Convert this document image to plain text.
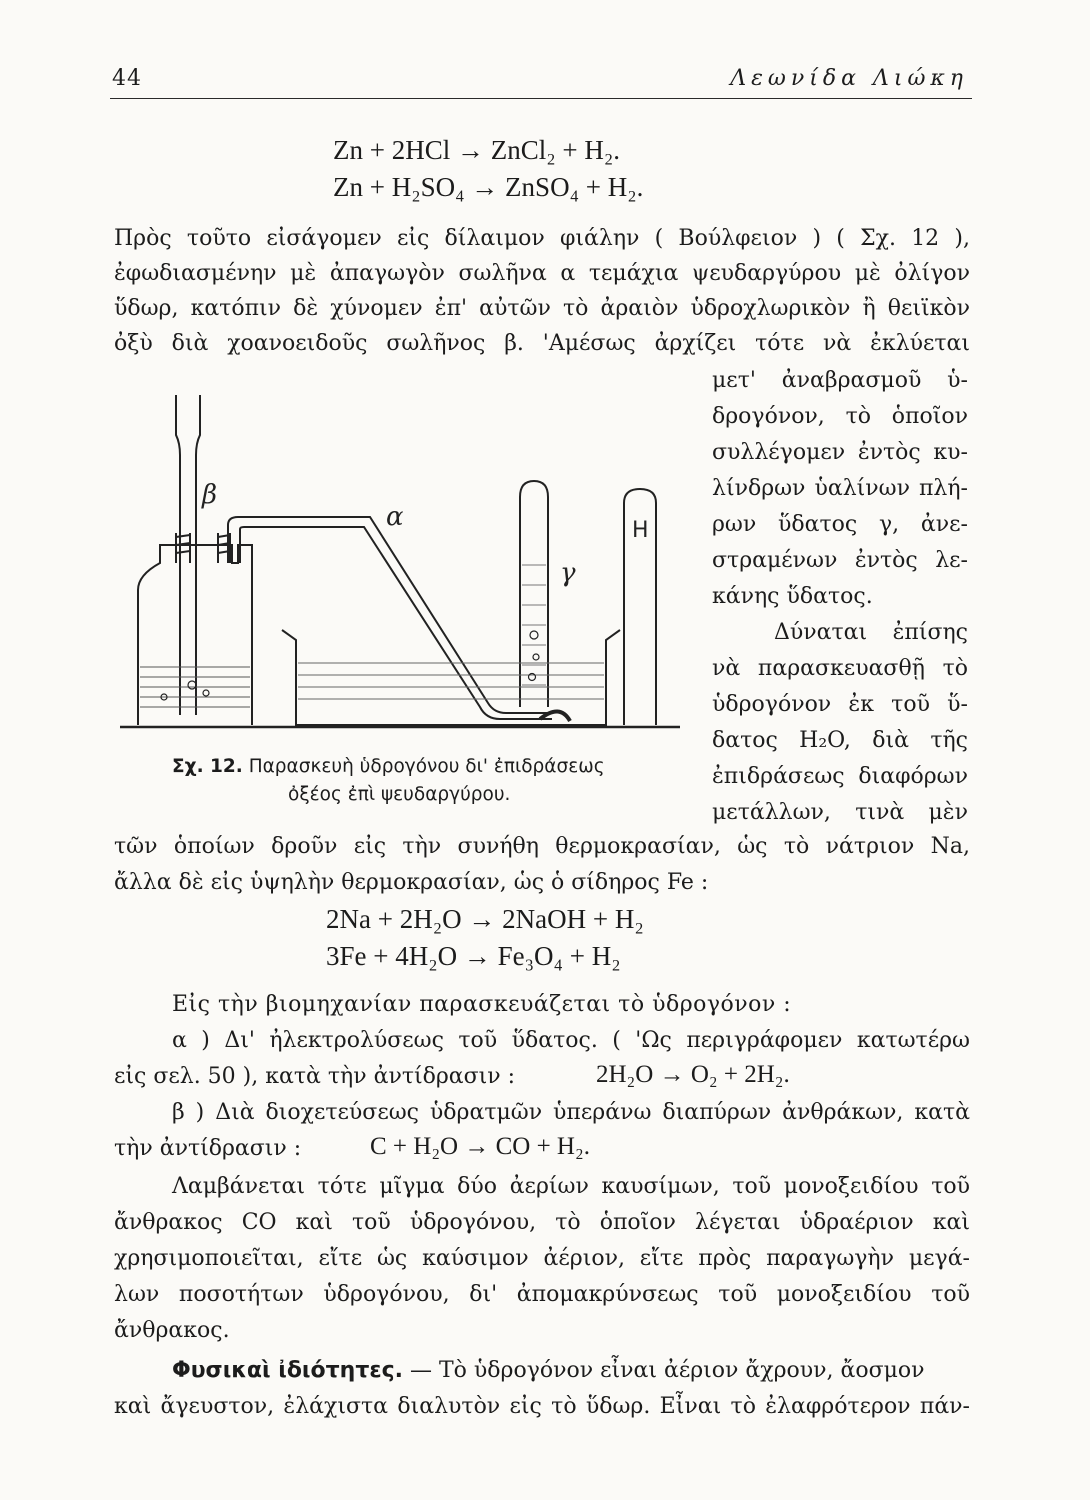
44	Λεωνίδα Λιώκη
Zn + 2HCl → ZnCl₂ + H₂.
Zn + H₂SO₄ → ZnSO₄ + H₂.
Πρὸς τοῦτο εἰσάγομεν εἰς δίλαιμον φιάλην ( Βούλφειον ) ( Σχ. 12 ),
ἐφωδιασμένην μὲ ἀπαγωγὸν σωλῆνα α τεμάχια ψευδαργύρου μὲ ὀλίγον
ὕδωρ, κατόπιν δὲ χύνομεν ἐπ' αὐτῶν τὸ ἀραιὸν ὑδροχλωρικὸν ἢ θειϊκὸν
ὀξὺ διὰ χοανοειδοῦς σωλῆνος β. 'Αμέσως ἀρχίζει τότε νὰ ἐκλύεται
μετ' ἀναβρασμοῦ ὑ-
δρογόνον, τὸ ὁποῖον
συλλέγομεν ἐντὸς κυ-
λίνδρων ὑαλίνων πλή-
ρων ὕδατος γ, ἀνε-
στραμένων ἐντὸς λε-
κάνης ὕδατος.
Δύναται ἐπίσης
νὰ παρασκευασθῇ τὸ
ὑδρογόνον ἐκ τοῦ ὕ-
δατος H₂O, διὰ τῆς
ἐπιδράσεως διαφόρων
μετάλλων, τινὰ μὲν
β
α
γ
H
Σχ. 12. Παρασκευὴ ὑδρογόνου δι' ἐπιδράσεως
ὀξέος ἐπὶ ψευδαργύρου.
τῶν ὁποίων δροῦν εἰς τὴν συνήθη θερμοκρασίαν, ὡς τὸ νάτριον Na,
ἄλλα δὲ εἰς ὑψηλὴν θερμοκρασίαν, ὡς ὁ σίδηρος Fe :
2Na + 2H₂O → 2NaOH + H₂
3Fe + 4H₂O → Fe₃O₄ + H₂
Εἰς τὴν βιομηχανίαν παρασκευάζεται τὸ ὑδρογόνον :
α ) Δι' ἠλεκτρολύσεως τοῦ ὕδατος. ( 'Ως περιγράφομεν κατωτέρω
εἰς σελ. 50 ), κατὰ τὴν ἀντίδρασιν :	2H₂O → O₂ + 2H₂.
β ) Διὰ διοχετεύσεως ὑδρατμῶν ὑπεράνω διαπύρων ἀνθράκων, κατὰ
τὴν ἀντίδρασιν :	C + H₂O → CO + H₂.
Λαμβάνεται τότε μῖγμα δύο ἀερίων καυσίμων, τοῦ μονοξειδίου τοῦ
ἄνθρακος CO καὶ τοῦ ὑδρογόνου, τὸ ὁποῖον λέγεται ὑδραέριον καὶ
χρησιμοποιεῖται, εἴτε ὡς καύσιμον ἀέριον, εἴτε πρὸς παραγωγὴν μεγά-
λων ποσοτήτων ὑδρογόνου, δι' ἀπομακρύνσεως τοῦ μονοξειδίου τοῦ
ἄνθρακος.
Φυσικαὶ ἰδιότητες. — Τὸ ὑδρογόνον εἶναι ἀέριον ἄχρουν, ἄοσμον
καὶ ἄγευστον, ἐλάχιστα διαλυτὸν εἰς τὸ ὕδωρ. Εἶναι τὸ ἐλαφρότερον πάν-
